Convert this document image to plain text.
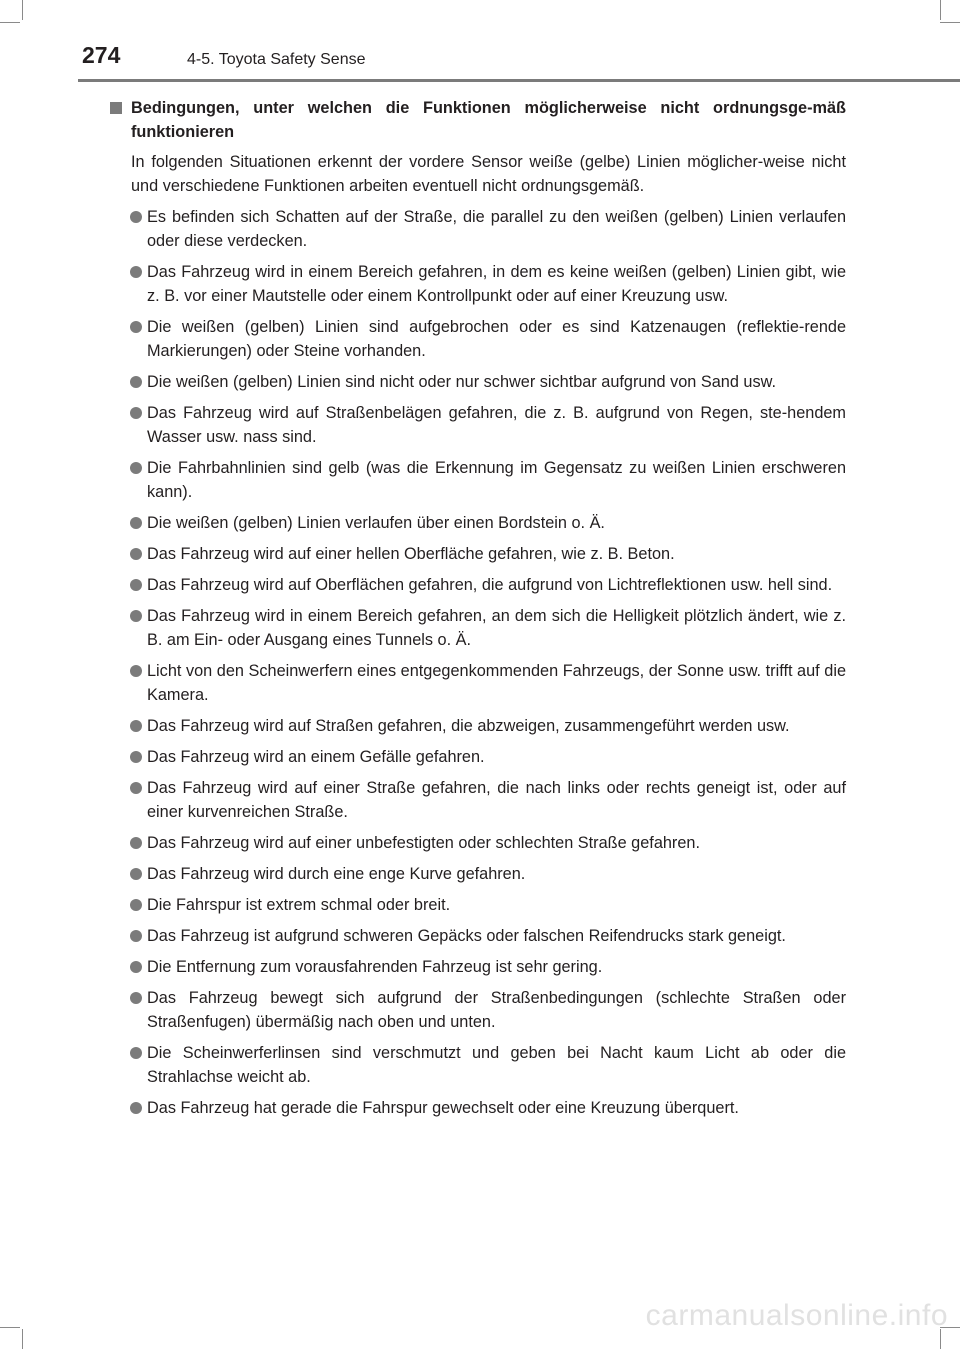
274	4-5. Toyota Safety Sense
Bedingungen, unter welchen die Funktionen möglicherweise nicht ordnungsge-mäß funktionieren
In folgenden Situationen erkennt der vordere Sensor weiße (gelbe) Linien möglicher-weise nicht und verschiedene Funktionen arbeiten eventuell nicht ordnungsgemäß.
Es befinden sich Schatten auf der Straße, die parallel zu den weißen (gelben) Linien verlaufen oder diese verdecken.
Das Fahrzeug wird in einem Bereich gefahren, in dem es keine weißen (gelben) Linien gibt, wie z. B. vor einer Mautstelle oder einem Kontrollpunkt oder auf einer Kreuzung usw.
Die weißen (gelben) Linien sind aufgebrochen oder es sind Katzenaugen (reflektie-rende Markierungen) oder Steine vorhanden.
Die weißen (gelben) Linien sind nicht oder nur schwer sichtbar aufgrund von Sand usw.
Das Fahrzeug wird auf Straßenbelägen gefahren, die z. B. aufgrund von Regen, ste-hendem Wasser usw. nass sind.
Die Fahrbahnlinien sind gelb (was die Erkennung im Gegensatz zu weißen Linien erschweren kann).
Die weißen (gelben) Linien verlaufen über einen Bordstein o. Ä.
Das Fahrzeug wird auf einer hellen Oberfläche gefahren, wie z. B. Beton.
Das Fahrzeug wird auf Oberflächen gefahren, die aufgrund von Lichtreflektionen usw. hell sind.
Das Fahrzeug wird in einem Bereich gefahren, an dem sich die Helligkeit plötzlich ändert, wie z. B. am Ein- oder Ausgang eines Tunnels o. Ä.
Licht von den Scheinwerfern eines entgegenkommenden Fahrzeugs, der Sonne usw. trifft auf die Kamera.
Das Fahrzeug wird auf Straßen gefahren, die abzweigen, zusammengeführt werden usw.
Das Fahrzeug wird an einem Gefälle gefahren.
Das Fahrzeug wird auf einer Straße gefahren, die nach links oder rechts geneigt ist, oder auf einer kurvenreichen Straße.
Das Fahrzeug wird auf einer unbefestigten oder schlechten Straße gefahren.
Das Fahrzeug wird durch eine enge Kurve gefahren.
Die Fahrspur ist extrem schmal oder breit.
Das Fahrzeug ist aufgrund schweren Gepäcks oder falschen Reifendrucks stark geneigt.
Die Entfernung zum vorausfahrenden Fahrzeug ist sehr gering.
Das Fahrzeug bewegt sich aufgrund der Straßenbedingungen (schlechte Straßen oder Straßenfugen) übermäßig nach oben und unten.
Die Scheinwerferlinsen sind verschmutzt und geben bei Nacht kaum Licht ab oder die Strahlachse weicht ab.
Das Fahrzeug hat gerade die Fahrspur gewechselt oder eine Kreuzung überquert.
carmanualsonline.info
